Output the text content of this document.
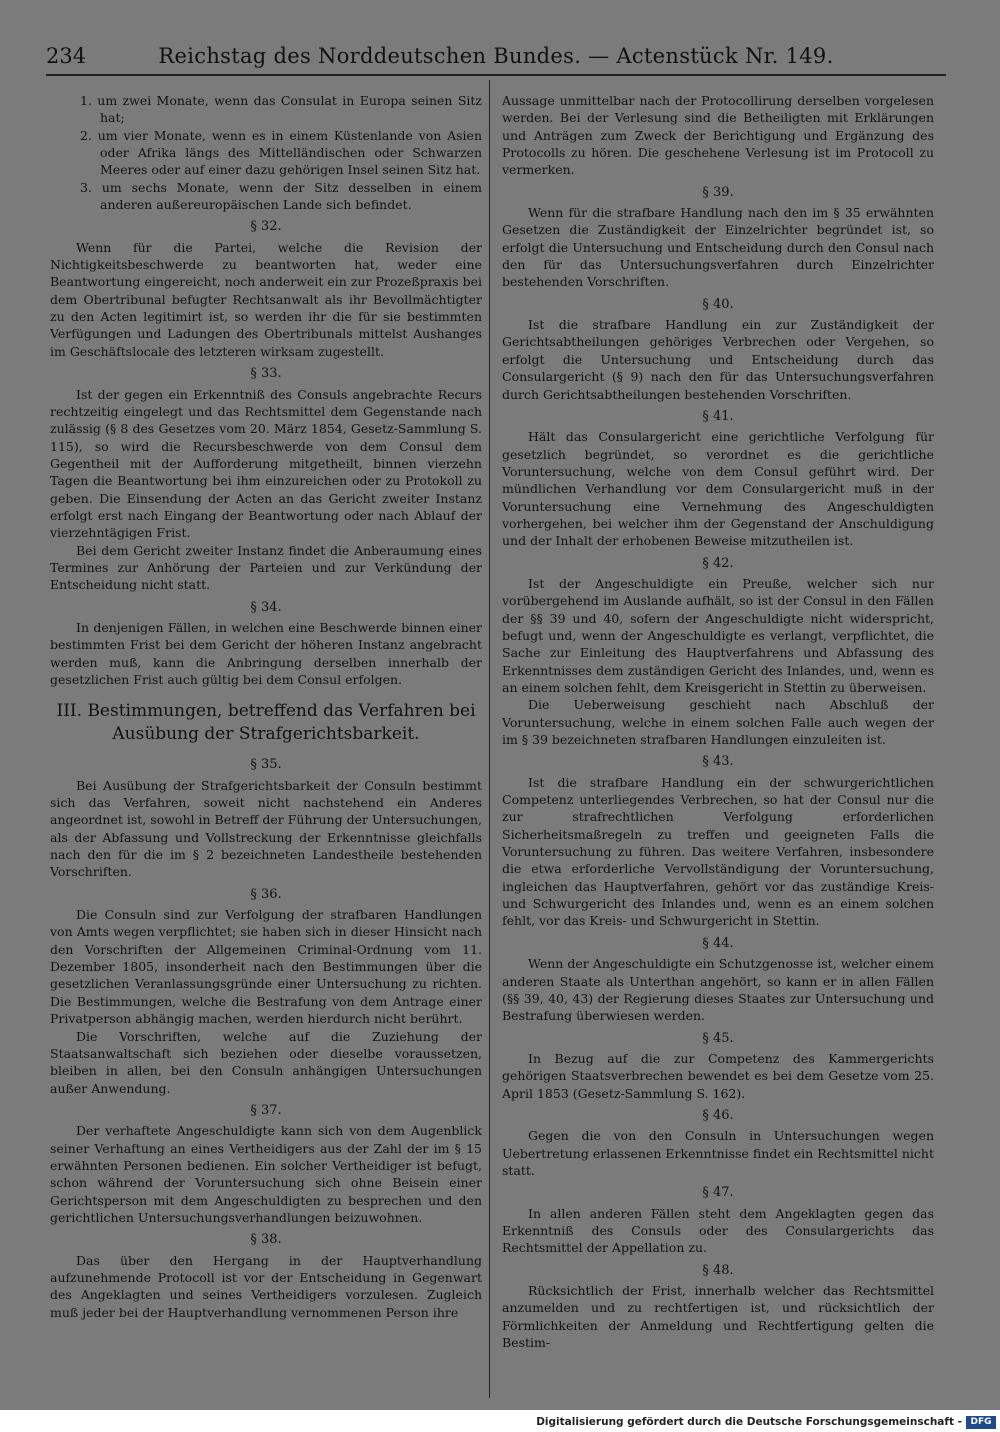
234	Reichstag des Norddeutschen Bundes. — Actenstück Nr. 149.

1. um zwei Monate, wenn das Consulat in Europa seinen Sitz hat;

2. um vier Monate, wenn es in einem Küstenlande von Asien oder Afrika längs des Mittelländischen oder Schwarzen Meeres oder auf einer dazu gehörigen Insel seinen Sitz hat.

3. um sechs Monate, wenn der Sitz desselben in einem anderen außereuropäischen Lande sich befindet.

§ 32.

Wenn für die Partei, welche die Revision der Nichtigkeitsbeschwerde zu beantworten hat, weder eine Beantwortung eingereicht, noch anderweit ein zur Prozeßpraxis bei dem Obertribunal befugter Rechtsanwalt als ihr Bevollmächtigter zu den Acten legitimirt ist, so werden ihr die für sie bestimmten Verfügungen und Ladungen des Obertribunals mittelst Aushanges im Geschäftslocale des letzteren wirksam zugestellt.

§ 33.

Ist der gegen ein Erkenntniß des Consuls angebrachte Recurs rechtzeitig eingelegt und das Rechtsmittel dem Gegenstande nach zulässig (§ 8 des Gesetzes vom 20. März 1854, Gesetz-Sammlung S. 115), so wird die Recursbeschwerde von dem Consul dem Gegentheil mit der Aufforderung mitgetheilt, binnen vierzehn Tagen die Beantwortung bei ihm einzureichen oder zu Protokoll zu geben. Die Einsendung der Acten an das Gericht zweiter Instanz erfolgt erst nach Eingang der Beantwortung oder nach Ablauf der vierzehntägigen Frist.

Bei dem Gericht zweiter Instanz findet die Anberaumung eines Termines zur Anhörung der Parteien und zur Verkündung der Entscheidung nicht statt.

§ 34.

In denjenigen Fällen, in welchen eine Beschwerde binnen einer bestimmten Frist bei dem Gericht der höheren Instanz angebracht werden muß, kann die Anbringung derselben innerhalb der gesetzlichen Frist auch gültig bei dem Consul erfolgen.

III. Bestimmungen, betreffend das Verfahren bei Ausübung der Strafgerichtsbarkeit.

§ 35.

Bei Ausübung der Strafgerichtsbarkeit der Consuln bestimmt sich das Verfahren, soweit nicht nachstehend ein Anderes angeordnet ist, sowohl in Betreff der Führung der Untersuchungen, als der Abfassung und Vollstreckung der Erkenntnisse gleichfalls nach den für die im § 2 bezeichneten Landestheile bestehenden Vorschriften.

§ 36.

Die Consuln sind zur Verfolgung der strafbaren Handlungen von Amts wegen verpflichtet; sie haben sich in dieser Hinsicht nach den Vorschriften der Allgemeinen Criminal-Ordnung vom 11. Dezember 1805, insonderheit nach den Bestimmungen über die gesetzlichen Veranlassungsgründe einer Untersuchung zu richten. Die Bestimmungen, welche die Bestrafung von dem Antrage einer Privatperson abhängig machen, werden hierdurch nicht berührt.

Die Vorschriften, welche auf die Zuziehung der Staatsanwaltschaft sich beziehen oder dieselbe voraussetzen, bleiben in allen, bei den Consuln anhängigen Untersuchungen außer Anwendung.

§ 37.

Der verhaftete Angeschuldigte kann sich von dem Augenblick seiner Verhaftung an eines Vertheidigers aus der Zahl der im § 15 erwähnten Personen bedienen. Ein solcher Vertheidiger ist befugt, schon während der Voruntersuchung sich ohne Beisein einer Gerichtsperson mit dem Angeschuldigten zu besprechen und den gerichtlichen Untersuchungsverhandlungen beizuwohnen.

§ 38.

Das über den Hergang in der Hauptverhandlung aufzunehmende Protocoll ist vor der Entscheidung in Gegenwart des Angeklagten und seines Vertheidigers vorzulesen. Zugleich muß jeder bei der Hauptverhandlung vernommenen Person ihre

Aussage unmittelbar nach der Protocollirung derselben vorgelesen werden. Bei der Verlesung sind die Betheiligten mit Erklärungen und Anträgen zum Zweck der Berichtigung und Ergänzung des Protocolls zu hören. Die geschehene Verlesung ist im Protocoll zu vermerken.

§ 39.

Wenn für die strafbare Handlung nach den im § 35 erwähnten Gesetzen die Zuständigkeit der Einzelrichter begründet ist, so erfolgt die Untersuchung und Entscheidung durch den Consul nach den für das Untersuchungsverfahren durch Einzelrichter bestehenden Vorschriften.

§ 40.

Ist die strafbare Handlung ein zur Zuständigkeit der Gerichtsabtheilungen gehöriges Verbrechen oder Vergehen, so erfolgt die Untersuchung und Entscheidung durch das Consulargericht (§ 9) nach den für das Untersuchungsverfahren durch Gerichtsabtheilungen bestehenden Vorschriften.

§ 41.

Hält das Consulargericht eine gerichtliche Verfolgung für gesetzlich begründet, so verordnet es die gerichtliche Voruntersuchung, welche von dem Consul geführt wird. Der mündlichen Verhandlung vor dem Consulargericht muß in der Voruntersuchung eine Vernehmung des Angeschuldigten vorhergehen, bei welcher ihm der Gegenstand der Anschuldigung und der Inhalt der erhobenen Beweise mitzutheilen ist.

§ 42.

Ist der Angeschuldigte ein Preuße, welcher sich nur vorübergehend im Auslande aufhält, so ist der Consul in den Fällen der §§ 39 und 40, sofern der Angeschuldigte nicht widerspricht, befugt und, wenn der Angeschuldigte es verlangt, verpflichtet, die Sache zur Einleitung des Hauptverfahrens und Abfassung des Erkenntnisses dem zuständigen Gericht des Inlandes, und, wenn es an einem solchen fehlt, dem Kreisgericht in Stettin zu überweisen.

Die Ueberweisung geschieht nach Abschluß der Voruntersuchung, welche in einem solchen Falle auch wegen der im § 39 bezeichneten strafbaren Handlungen einzuleiten ist.

§ 43.

Ist die strafbare Handlung ein der schwurgerichtlichen Competenz unterliegendes Verbrechen, so hat der Consul nur die zur strafrechtlichen Verfolgung erforderlichen Sicherheitsmaßregeln zu treffen und geeigneten Falls die Voruntersuchung zu führen. Das weitere Verfahren, insbesondere die etwa erforderliche Vervollständigung der Voruntersuchung, ingleichen das Hauptverfahren, gehört vor das zuständige Kreis- und Schwurgericht des Inlandes und, wenn es an einem solchen fehlt, vor das Kreis- und Schwurgericht in Stettin.

§ 44.

Wenn der Angeschuldigte ein Schutzgenosse ist, welcher einem anderen Staate als Unterthan angehört, so kann er in allen Fällen (§§ 39, 40, 43) der Regierung dieses Staates zur Untersuchung und Bestrafung überwiesen werden.

§ 45.

In Bezug auf die zur Competenz des Kammergerichts gehörigen Staatsverbrechen bewendet es bei dem Gesetze vom 25. April 1853 (Gesetz-Sammlung S. 162).

§ 46.

Gegen die von den Consuln in Untersuchungen wegen Uebertretung erlassenen Erkenntnisse findet ein Rechtsmittel nicht statt.

§ 47.

In allen anderen Fällen steht dem Angeklagten gegen das Erkenntniß des Consuls oder des Consulargerichts das Rechtsmittel der Appellation zu.

§ 48.

Rücksichtlich der Frist, innerhalb welcher das Rechtsmittel anzumelden und zu rechtfertigen ist, und rücksichtlich der Förmlichkeiten der Anmeldung und Rechtfertigung gelten die Bestim-

Digitalisierung gefördert durch die Deutsche Forschungsgemeinschaft - DFG
